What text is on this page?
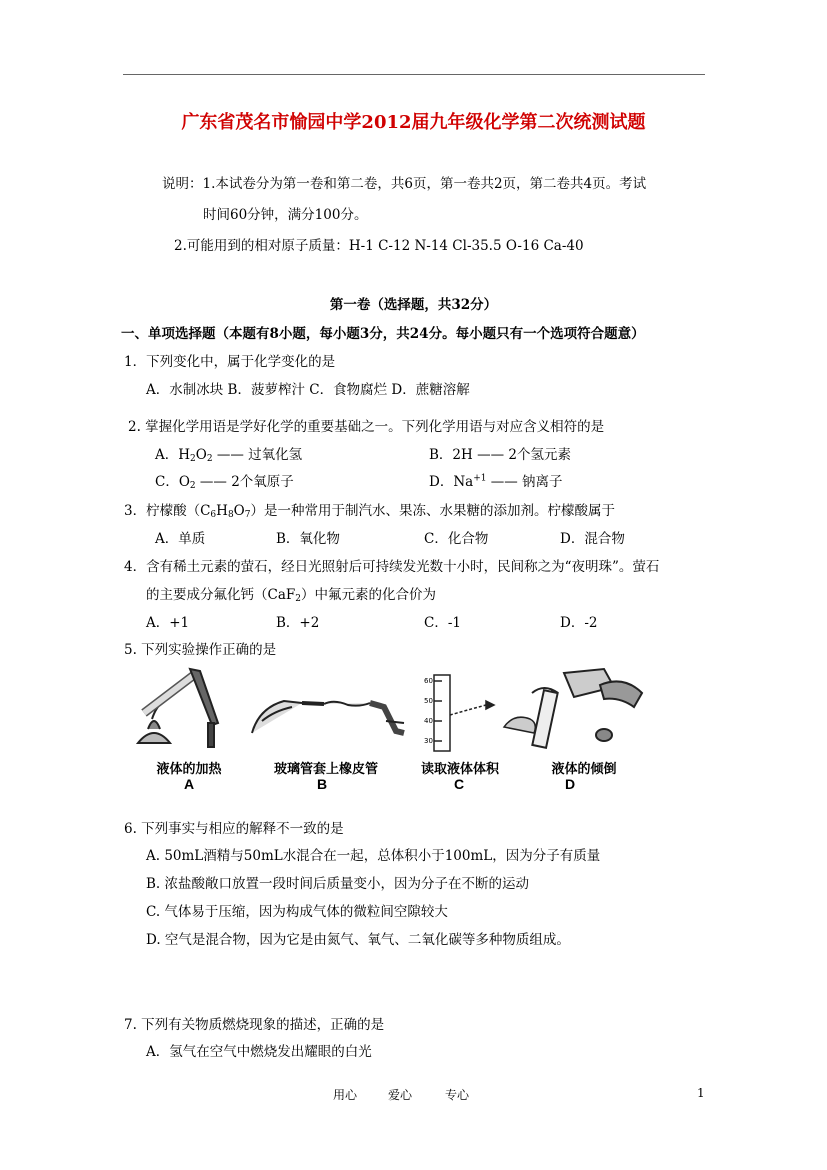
广东省茂名市愉园中学2012届九年级化学第二次统测试题
说明：1.本试卷分为第一卷和第二卷，共6页，第一卷共2页，第二卷共4页。考试
时间60分钟，满分100分。
2.可能用到的相对原子质量：H-1 C-12 N-14 Cl-35.5 O-16 Ca-40
第一卷（选择题，共32分）
一、单项选择题（本题有8小题，每小题3分，共24分。每小题只有一个选项符合题意）
1．下列变化中，属于化学变化的是
A．水制冰块 B．菠萝榨汁 C．食物腐烂 D．蔗糖溶解
2. 掌握化学用语是学好化学的重要基础之一。下列化学用语与对应含义相符的是
A．$H_2O_2$ —— 过氧化氢	B．2H —— 2个氢元素
C．$O_2$ —— 2个氧原子	D．$Na^{+1}$ —— 钠离子
3．柠檬酸$(C_6H_8O_7)$是一种常用于制汽水、果冻、水果糖的添加剂。柠檬酸属于
A．单质	B．氧化物	C．化合物	D．混合物
4．含有稀土元素的萤石，经日光照射后可持续发光数十小时，民间称之为“夜明珠”。萤石
的主要成分氟化钙（CaF$_2$）中氟元素的化合价为
A．+1	B．+2	C．-1	D．-2
5. 下列实验操作正确的是
60
50
40
30
液体的加热	玻璃管套上橡皮管	读取液体体积	液体的倾倒
A	B	C	D
6. 下列事实与相应的解释不一致的是
A. 50mL酒精与50mL水混合在一起，总体积小于100mL，因为分子有质量
B. 浓盐酸敞口放置一段时间后质量变小，因为分子在不断的运动
C. 气体易于压缩，因为构成气体的微粒间空隙较大
D. 空气是混合物，因为它是由氮气、氧气、二氧化碳等多种物质组成。
7. 下列有关物质燃烧现象的描述，正确的是
A．氢气在空气中燃烧发出耀眼的白光
用心	爱心	专心	1
